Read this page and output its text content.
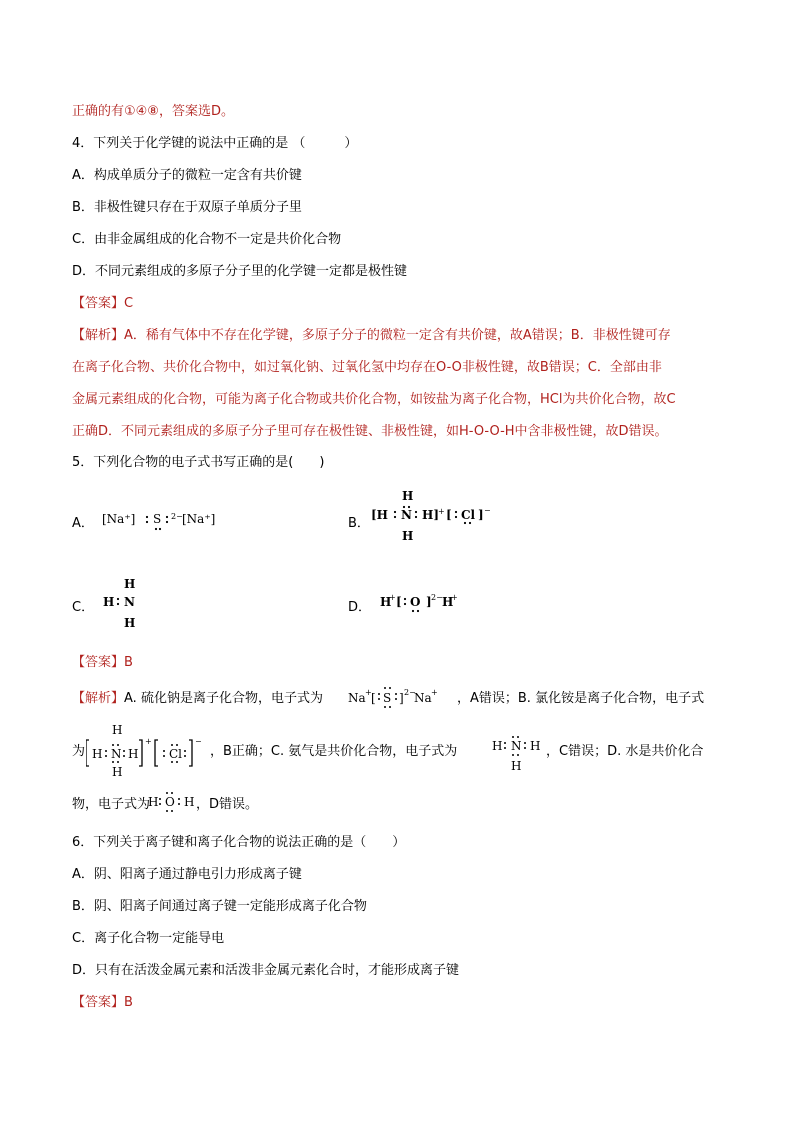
正确的有①④⑧，答案选D。
4．下列关于化学键的说法中正确的是 （　　　）
A．构成单质分子的微粒一定含有共价键
B．非极性键只存在于双原子单质分子里
C．由非金属组成的化合物不一定是共价化合物
D．不同元素组成的多原子分子里的化学键一定都是极性键
【答案】C
【解析】A．稀有气体中不存在化学键，多原子分子的微粒一定含有共价键，故A错误；B．非极性键可存
在离子化合物、共价化合物中，如过氧化钠、过氧化氢中均存在O-O非极性键，故B错误；C．全部由非
金属元素组成的化合物，可能为离子化合物或共价化合物，如铵盐为离子化合物，HCl为共价化合物，故C
正确D．不同元素组成的多原子分子里可存在极性键、非极性键，如H-O-O-H中含非极性键，故D错误。
5．下列化合物的电子式书写正确的是(　　)
A． [Na⁺] S 2− [Na⁺]	B．
H
[H N H]
+ [ Cl ] −
H
C．
H
H N
H
D． H
+ [ O ] 2− H
+
【答案】B
【解析】A. 硫化钠是离子化合物，电子式为 Na + [ S ] 2−
Na + ，A错误；B. 氯化铵是离子化合物，电子式
为
H
H N H
+
H
Cl
−
，B正确；C. 氨气是共价化合物，电子式为	H N H
H
，C错误；D. 水是共价化合
物，电子式为
H O H ，D错误。
6．下列关于离子键和离子化合物的说法正确的是（　　）
A．阴、阳离子通过静电引力形成离子键
B．阴、阳离子间通过离子键一定能形成离子化合物
C．离子化合物一定能导电
D．只有在活泼金属元素和活泼非金属元素化合时，才能形成离子键
【答案】B
